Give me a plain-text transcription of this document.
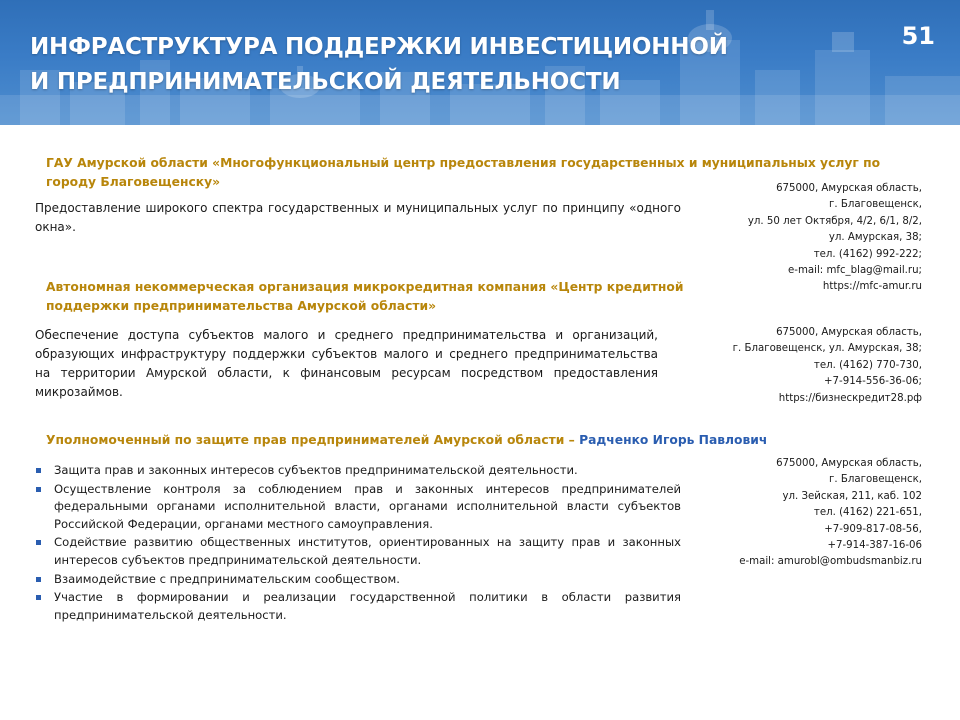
ИНФРАСТРУКТУРА ПОДДЕРЖКИ ИНВЕСТИЦИОННОЙ
И ПРЕДПРИНИМАТЕЛЬСКОЙ ДЕЯТЕЛЬНОСТИ
51

ГАУ Амурской области «Многофункциональный центр предоставления государственных и муниципальных услуг по городу Благовещенску»

Предоставление широкого спектра государственных и муниципальных услуг по принципу «одного окна».

675000, Амурская область,
г. Благовещенск,
ул. 50 лет Октября, 4/2, 6/1, 8/2,
ул. Амурская, 38;
тел. (4162) 992-222;
e-mail: mfc_blag@mail.ru;
https://mfc-amur.ru

Автономная некоммерческая организация микрокредитная компания «Центр кредитной поддержки предпринимательства Амурской области»

Обеспечение доступа субъектов малого и среднего предпринимательства и организаций, образующих инфраструктуру поддержки субъектов малого и среднего предпринимательства на территории Амурской области, к финансовым ресурсам посредством предоставления микрозаймов.

675000, Амурская область,
г. Благовещенск, ул. Амурская, 38;
тел. (4162) 770-730,
+7-914-556-36-06;
https://бизнескредит28.рф

Уполномоченный по защите прав предпринимателей Амурской области – Радченко Игорь Павлович

Защита прав и законных интересов субъектов предпринимательской деятельности.
Осуществление контроля за соблюдением прав и законных интересов предпринимателей федеральными органами исполнительной власти, органами исполнительной власти субъектов Российской Федерации, органами местного самоуправления.
Содействие развитию общественных институтов, ориентированных на защиту прав и законных интересов субъектов предпринимательской деятельности.
Взаимодействие с предпринимательским сообществом.
Участие в формировании и реализации государственной политики в области развития предпринимательской деятельности.
675000, Амурская область,
г. Благовещенск,
ул. Зейская, 211, каб. 102
тел. (4162) 221-651,
+7-909-817-08-56,
+7-914-387-16-06
e-mail: amurobl@ombudsmanbiz.ru
